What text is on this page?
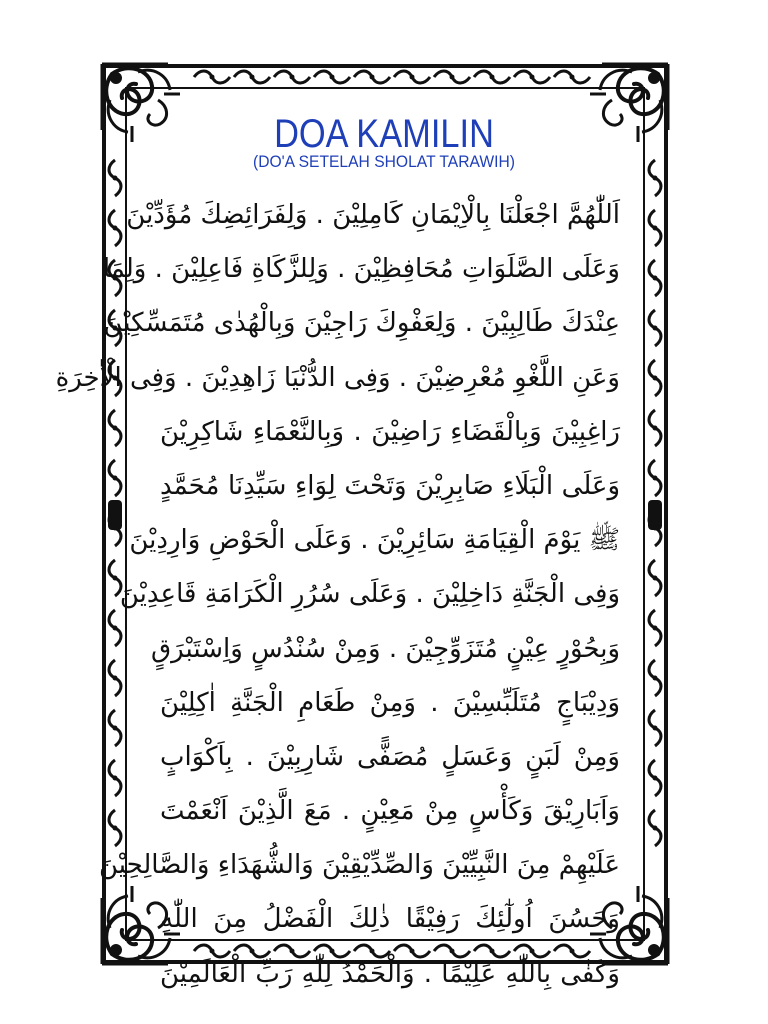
DOA KAMILIN
(DO'A SETELAH SHOLAT TARAWIH)
اَللّٰهُمَّ اجْعَلْنَا بِالْاِيْمَانِ كَامِلِيْنَ . وَلِفَرَائِضِكَ مُؤَدِّيْنَ
وَعَلَى الصَّلَوَاتِ مُحَافِظِيْنَ . وَلِلزَّكَاةِ فَاعِلِيْنَ . وَلِمَا
عِنْدَكَ طَالِبِيْنَ . وَلِعَفْوِكَ رَاجِيْنَ وَبِالْهُدٰى مُتَمَسِّكِيْنَ
وَعَنِ اللَّغْوِ مُعْرِضِيْنَ . وَفِى الدُّنْيَا زَاهِدِيْنَ . وَفِى الْاٰخِرَةِ
رَاغِبِيْنَ وَبِالْقَضَاءِ رَاضِيْنَ . وَبِالنَّعْمَاءِ شَاكِرِيْنَ
وَعَلَى الْبَلَاءِ صَابِرِيْنَ وَتَحْتَ لِوَاءِ سَيِّدِنَا مُحَمَّدٍ
ﷺ يَوْمَ الْقِيَامَةِ سَائِرِيْنَ . وَعَلَى الْحَوْضِ وَارِدِيْنَ
وَفِى الْجَنَّةِ دَاخِلِيْنَ . وَعَلَى سُرُرِ الْكَرَامَةِ قَاعِدِيْنَ
وَبِحُوْرٍ عِيْنٍ مُتَزَوِّجِيْنَ . وَمِنْ سُنْدُسٍ وَاِسْتَبْرَقٍ
وَدِيْبَاجٍ مُتَلَبِّسِيْنَ . وَمِنْ طَعَامِ الْجَنَّةِ اٰكِلِيْنَ
وَمِنْ لَبَنٍ وَعَسَلٍ مُصَفًّى شَارِبِيْنَ . بِاَكْوَابٍ
وَاَبَارِيْقَ وَكَأْسٍ مِنْ مَعِيْنٍ . مَعَ الَّذِيْنَ اَنْعَمْتَ
عَلَيْهِمْ مِنَ النَّبِيِّيْنَ وَالصِّدِّيْقِيْنَ وَالشُّهَدَاءِ وَالصَّالِحِيْنَ
وَحَسُنَ اُولٰٓئِكَ رَفِيْقًا ذٰلِكَ الْفَضْلُ مِنَ اللّٰهِ
وَكَفٰى بِاللّٰهِ عَلِيْمًا . وَالْحَمْدُ لِلّٰهِ رَبِّ الْعَالَمِيْنَ
